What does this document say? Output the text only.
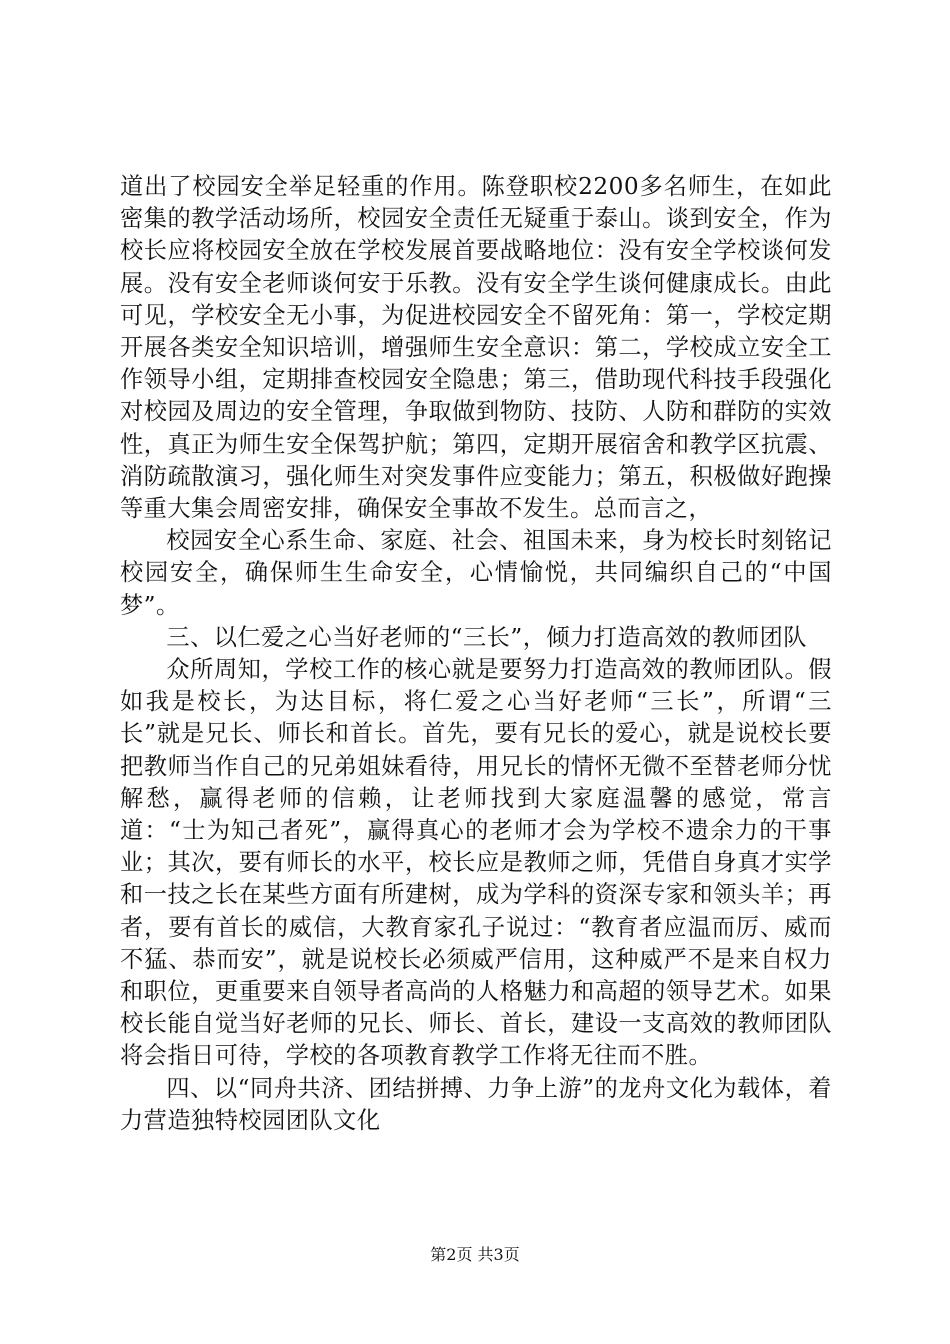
道出了校园安全举足轻重的作用。陈登职校2200多名师生，在如此密集的教学活动场所，校园安全责任无疑重于泰山。谈到安全，作为校长应将校园安全放在学校发展首要战略地位：没有安全学校谈何发展。没有安全老师谈何安于乐教。没有安全学生谈何健康成长。由此可见，学校安全无小事，为促进校园安全不留死角：第一，学校定期开展各类安全知识培训，增强师生安全意识：第二，学校成立安全工作领导小组，定期排查校园安全隐患；第三，借助现代科技手段强化对校园及周边的安全管理，争取做到物防、技防、人防和群防的实效性，真正为师生安全保驾护航；第四，定期开展宿舍和教学区抗震、消防疏散演习，强化师生对突发事件应变能力；第五，积极做好跑操等重大集会周密安排，确保安全事故不发生。总而言之，

校园安全心系生命、家庭、社会、祖国未来，身为校长时刻铭记校园安全，确保师生生命安全，心情愉悦，共同编织自己的“中国梦”。

三、以仁爱之心当好老师的“三长”，倾力打造高效的教师团队

众所周知，学校工作的核心就是要努力打造高效的教师团队。假如我是校长，为达目标，将仁爱之心当好老师“三长”，所谓“三长”就是兄长、师长和首长。首先，要有兄长的爱心，就是说校长要把教师当作自己的兄弟姐妹看待，用兄长的情怀无微不至替老师分忧解愁，赢得老师的信赖，让老师找到大家庭温馨的感觉，常言道：“士为知己者死”，赢得真心的老师才会为学校不遗余力的干事业；其次，要有师长的水平，校长应是教师之师，凭借自身真才实学和一技之长在某些方面有所建树，成为学科的资深专家和领头羊；再者，要有首长的威信，大教育家孔子说过：“教育者应温而厉、威而不猛、恭而安”，就是说校长必须威严信用，这种威严不是来自权力和职位，更重要来自领导者高尚的人格魅力和高超的领导艺术。如果校长能自觉当好老师的兄长、师长、首长，建设一支高效的教师团队将会指日可待，学校的各项教育教学工作将无往而不胜。

四、以“同舟共济、团结拼搏、力争上游”的龙舟文化为载体，着力营造独特校园团队文化

第2页 共3页
